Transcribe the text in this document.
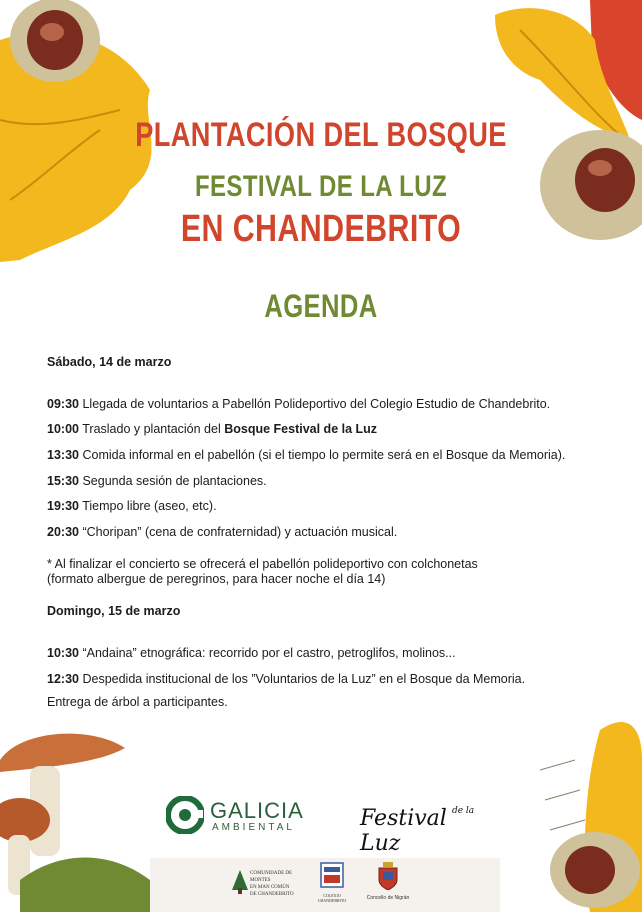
PLANTACIÓN DEL BOSQUE
FESTIVAL DE LA LUZ
EN CHANDEBRITO
AGENDA
Sábado, 14 de marzo
09:30 Llegada de voluntarios a Pabellón Polideportivo del Colegio Estudio de Chandebrito.
10:00 Traslado y plantación del Bosque Festival de la Luz
13:30 Comida informal en el pabellón (si el tiempo lo permite será en el Bosque da Memoria).
15:30 Segunda sesión de plantaciones.
19:30 Tiempo libre (aseo, etc).
20:30 “Choripan” (cena de confraternidad) y actuación musical.
* Al finalizar el concierto se ofrecerá el pabellón polideportivo con colchonetas
(formato albergue de peregrinos, para hacer noche el día 14)
Domingo, 15 de marzo
10:30 “Andaina” etnográfica: recorrido por el castro, petroglifos, molinos...
12:30 Despedida institucional de los ”Voluntarios de la Luz” en el Bosque da Memoria.
Entrega de árbol a participantes.
GALICIA
AMBIENTAL	Festival $^{de la}$ Luz
COMUNIDADE DE MONTES
EN MAN COMÚN
DE CHANDEBRITO	COLEXIO
CHANDEBRITO	Concello de Nigrán
